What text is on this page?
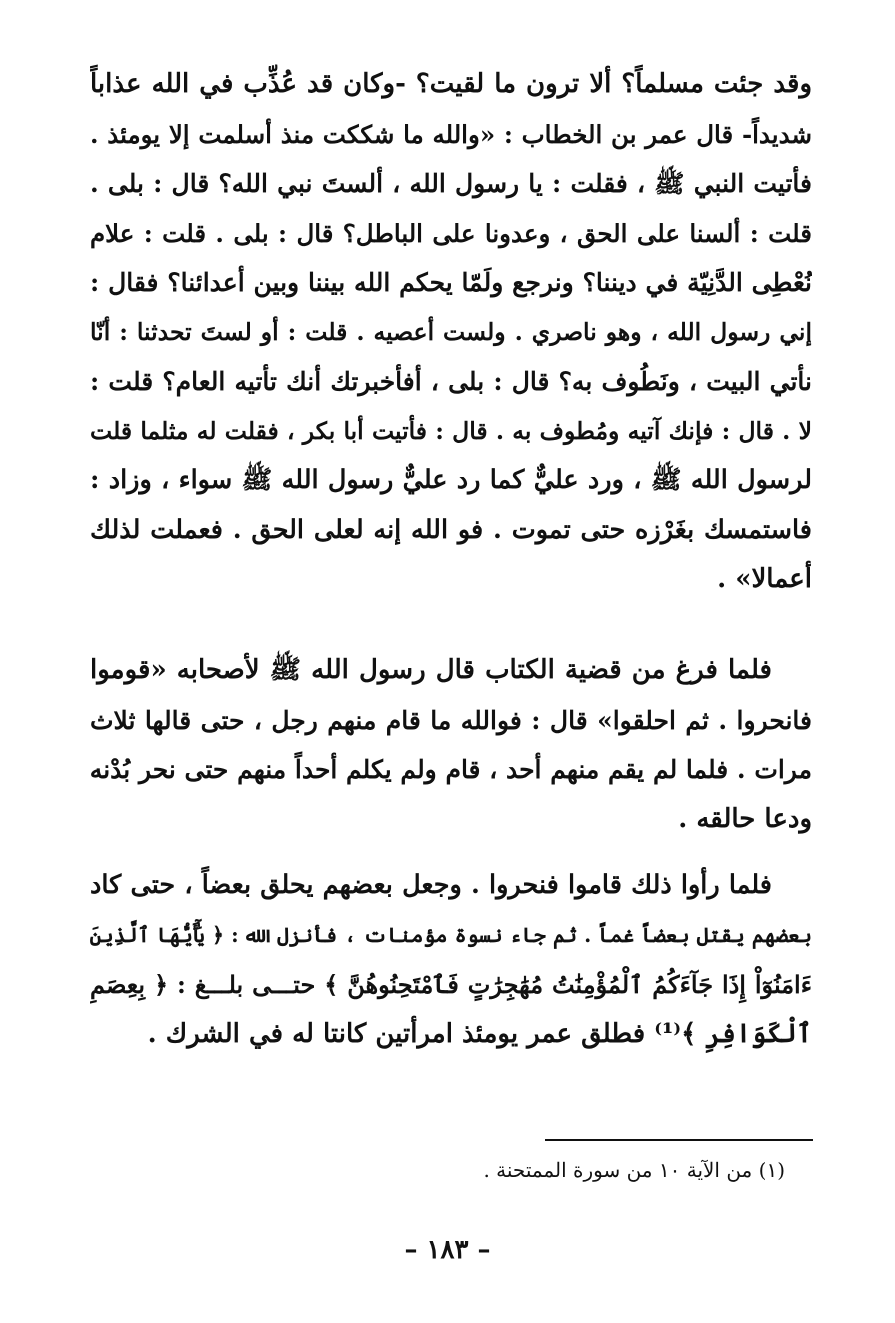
وقد جئت مسلماً؟ ألا ترون ما لقيت؟ -وكان قد عُذِّب في الله عذاباً
شديداً- قال عمر بن الخطاب : «والله ما شككت منذ أسلمت إلا يومئذ .
فأتيت النبي ﷺ ، فقلت : يا رسول الله ، ألستَ نبي الله؟ قال : بلى .
قلت : ألسنا على الحق ، وعدونا على الباطل؟ قال : بلى . قلت : علام
نُعْطِى الدَّنِيّة في ديننا؟ ونرجع ولَمّا يحكم الله بيننا وبين أعدائنا؟ فقال :
إني رسول الله ، وهو ناصري . ولست أعصيه . قلت : أو لستَ تحدثنا : أنّا
نأتي البيت ، ونَطُوف به؟ قال : بلى ، أفأخبرتك أنك تأتيه العام؟ قلت :
لا . قال : فإنك آتيه ومُطوف به . قال : فأتيت أبا بكر ، فقلت له مثلما قلت
لرسول الله ﷺ ، ورد عليٌّ كما رد عليٌّ رسول الله ﷺ سواء ، وزاد :
فاستمسك بغَرْزه حتى تموت . فو الله إنه لعلى الحق . فعملت لذلك
أعمالا» .
فلما فرغ من قضية الكتاب قال رسول الله ﷺ لأصحابه «قوموا
فانحروا . ثم احلقوا» قال : فوالله ما قام منهم رجل ، حتى قالها ثلاث
مرات . فلما لم يقم منهم أحد ، قام ولم يكلم أحداً منهم حتى نحر بُدْنه
ودعا حالقه .
فلما رأوا ذلك قاموا فنحروا . وجعل بعضهم يحلق بعضاً ، حتى كاد
بعضهم يقتل بعضاً غماً . ثم جاء نسوة مؤمنات ، فأنزل الله : ﴿ يَٰٓأَيُّهَا ٱلَّذِينَ
ءَامَنُوٓاْ إِذَا جَآءَكُمُ ٱلْمُؤْمِنَٰتُ مُهَٰجِرَٰتٍ فَٱمْتَحِنُوهُنَّ ﴾ حتـــى بلـــغ : ﴿ بِعِصَمِ
ٱلْكَوَافِرِ ﴾⁽¹⁾ فطلق عمر يومئذ امرأتين كانتا له في الشرك .
(١) من الآية ١٠ من سورة الممتحنة .
– ١٨٣ –
